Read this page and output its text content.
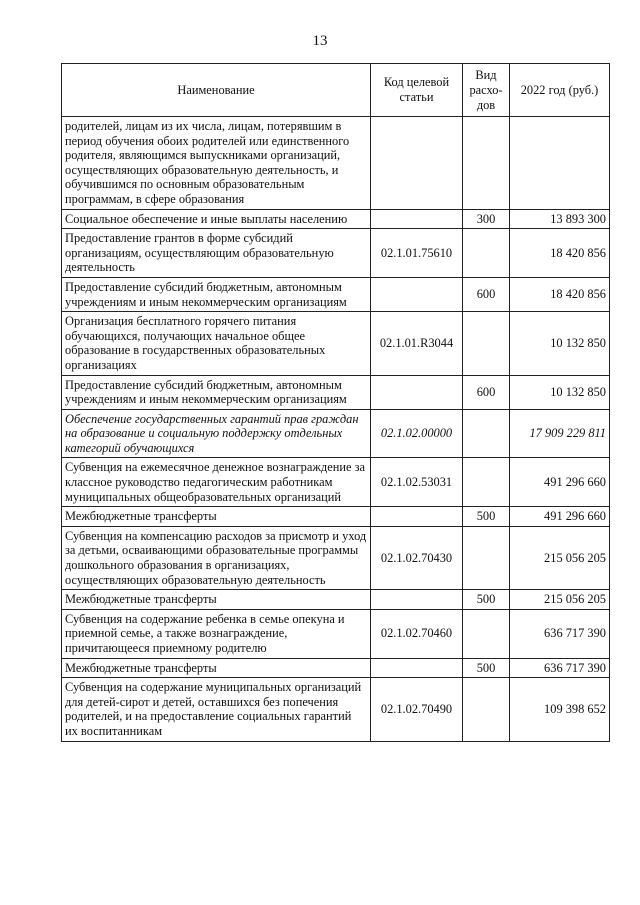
13
Наименование	Код целевой статьи	Вид расхо-дов	2022 год (руб.)
родителей, лицам из их числа, лицам, потерявшим в период обучения обоих родителей или единственного родителя, являющимся выпускниками организаций, осуществляющих образовательную деятельность, и обучившимся по основным образовательным программам, в сфере образования			
Социальное обеспечение и иные выплаты населению		300	13 893 300
Предоставление грантов в форме субсидий организациям, осуществляющим образовательную деятельность	02.1.01.75610		18 420 856
Предоставление субсидий бюджетным, автономным учреждениям и иным некоммерческим организациям		600	18 420 856
Организация бесплатного горячего питания обучающихся, получающих начальное общее образование в государственных образовательных организациях	02.1.01.R3044		10 132 850
Предоставление субсидий бюджетным, автономным учреждениям и иным некоммерческим организациям		600	10 132 850
Обеспечение государственных гарантий прав граждан на образование и социальную поддержку отдельных категорий обучающихся	02.1.02.00000		17 909 229 811
Субвенция на ежемесячное денежное вознаграждение за классное руководство педагогическим работникам муниципальных общеобразовательных организаций	02.1.02.53031		491 296 660
Межбюджетные трансферты		500	491 296 660
Субвенция на компенсацию расходов за присмотр и уход за детьми, осваивающими образовательные программы дошкольного образования в организациях, осуществляющих образовательную деятельность	02.1.02.70430		215 056 205
Межбюджетные трансферты		500	215 056 205
Субвенция на содержание ребенка в семье опекуна и приемной семье, а также вознаграждение, причитающееся приемному родителю	02.1.02.70460		636 717 390
Межбюджетные трансферты		500	636 717 390
Субвенция на содержание муниципальных организаций для детей-сирот и детей, оставшихся без попечения родителей, и на предоставление социальных гарантий их воспитанникам	02.1.02.70490		109 398 652
